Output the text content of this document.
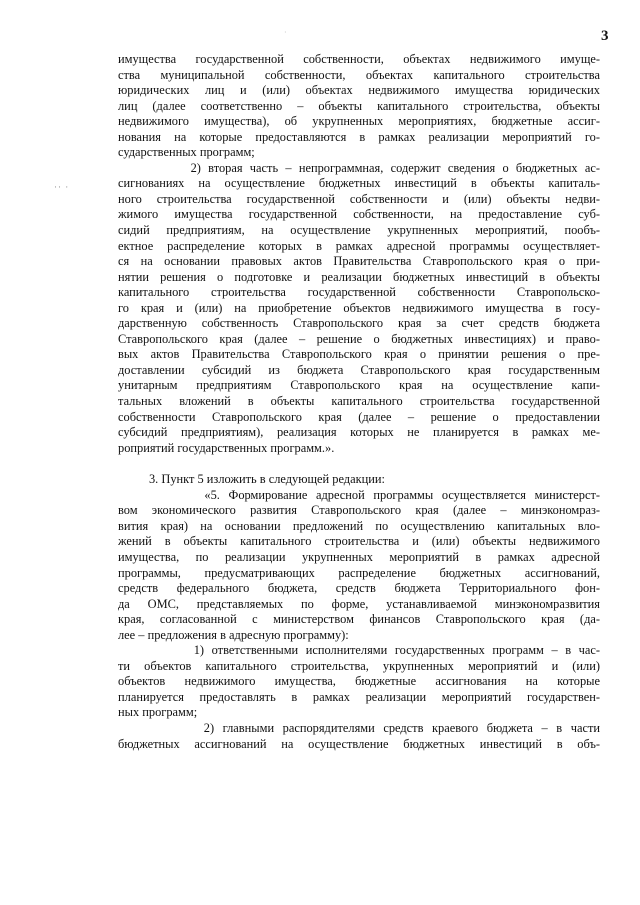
·	3
·· ·
имущества государственной собственности, объектах недвижимого имуще-
ства муниципальной собственности, объектах капитального строительства
юридических лиц и (или) объектах недвижимого имущества юридических
лиц (далее соответственно – объекты капитального строительства, объекты
недвижимого имущества), об укрупненных мероприятиях, бюджетные ассиг-
нования на которые предоставляются в рамках реализации мероприятий го-
сударственных программ;
2) вторая часть – непрограммная, содержит сведения о бюджетных ас-
сигнованиях на осуществление бюджетных инвестиций в объекты капиталь-
ного строительства государственной собственности и (или) объекты недви-
жимого имущества государственной собственности, на предоставление суб-
сидий предприятиям, на осуществление укрупненных мероприятий, пообъ-
ектное распределение которых в рамках адресной программы осуществляет-
ся на основании правовых актов Правительства Ставропольского края о при-
нятии решения о подготовке и реализации бюджетных инвестиций в объекты
капитального строительства государственной собственности Ставропольско-
го края и (или) на приобретение объектов недвижимого имущества в госу-
дарственную собственность Ставропольского края за счет средств бюджета
Ставропольского края (далее – решение о бюджетных инвестициях) и право-
вых актов Правительства Ставропольского края о принятии решения о пре-
доставлении субсидий из бюджета Ставропольского края государственным
унитарным предприятиям Ставропольского края на осуществление капи-
тальных вложений в объекты капитального строительства государственной
собственности Ставропольского края (далее – решение о предоставлении
субсидий предприятиям), реализация которых не планируется в рамках ме-
роприятий государственных программ.».
3. Пункт 5 изложить в следующей редакции:
«5. Формирование адресной программы осуществляется министерст-
вом экономического развития Ставропольского края (далее – минэкономраз-
вития края) на основании предложений по осуществлению капитальных вло-
жений в объекты капитального строительства и (или) объекты недвижимого
имущества, по реализации укрупненных мероприятий в рамках адресной
программы, предусматривающих распределение бюджетных ассигнований,
средств федерального бюджета, средств бюджета Территориального фон-
да ОМС, представляемых по форме, устанавливаемой минэкономразвития
края, согласованной с министерством финансов Ставропольского края (да-
лее – предложения в адресную программу):
1) ответственными исполнителями государственных программ – в час-
ти объектов капитального строительства, укрупненных мероприятий и (или)
объектов недвижимого имущества, бюджетные ассигнования на которые
планируется предоставлять в рамках реализации мероприятий государствен-
ных программ;
2) главными распорядителями средств краевого бюджета – в части
бюджетных ассигнований на осуществление бюджетных инвестиций в объ-
